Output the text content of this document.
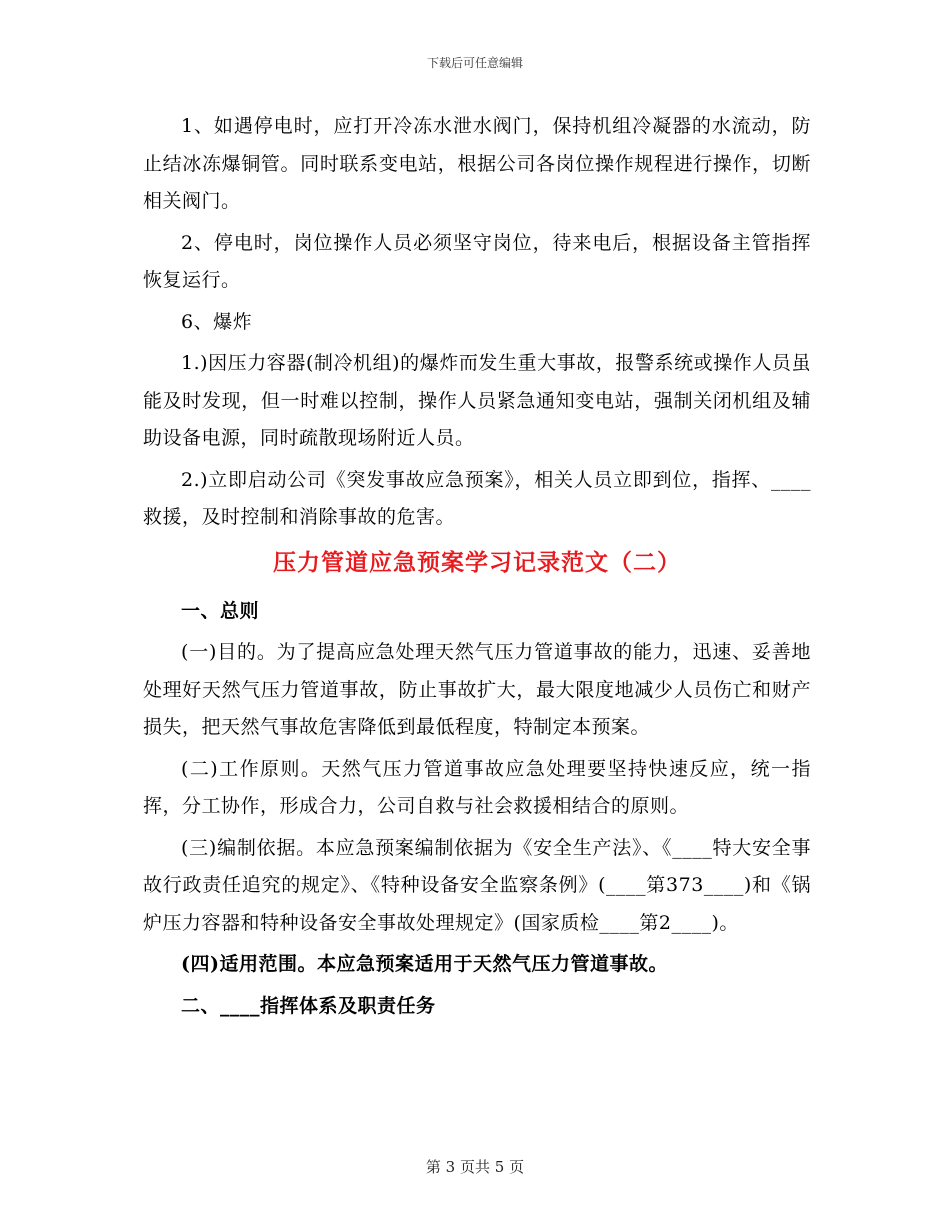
下载后可任意编辑

1、如遇停电时，应打开冷冻水泄水阀门，保持机组冷凝器的水流动，防止结冰冻爆铜管。同时联系变电站，根据公司各岗位操作规程进行操作，切断相关阀门。

2、停电时，岗位操作人员必须坚守岗位，待来电后，根据设备主管指挥恢复运行。

6、爆炸

1.)因压力容器(制冷机组)的爆炸而发生重大事故，报警系统或操作人员虽能及时发现，但一时难以控制，操作人员紧急通知变电站，强制关闭机组及辅助设备电源，同时疏散现场附近人员。

2.)立即启动公司《突发事故应急预案》，相关人员立即到位，指挥、____救援，及时控制和消除事故的危害。

压力管道应急预案学习记录范文（二）

一、总则

(一)目的。为了提高应急处理天然气压力管道事故的能力，迅速、妥善地处理好天然气压力管道事故，防止事故扩大，最大限度地减少人员伤亡和财产损失，把天然气事故危害降低到最低程度，特制定本预案。

(二)工作原则。天然气压力管道事故应急处理要坚持快速反应，统一指挥，分工协作，形成合力，公司自救与社会救援相结合的原则。

(三)编制依据。本应急预案编制依据为《安全生产法》、《____特大安全事故行政责任追究的规定》、《特种设备安全监察条例》(____第373____)和《锅炉压力容器和特种设备安全事故处理规定》(国家质检____第2____)。

(四)适用范围。本应急预案适用于天然气压力管道事故。

二、____指挥体系及职责任务

第 3 页共 5 页
